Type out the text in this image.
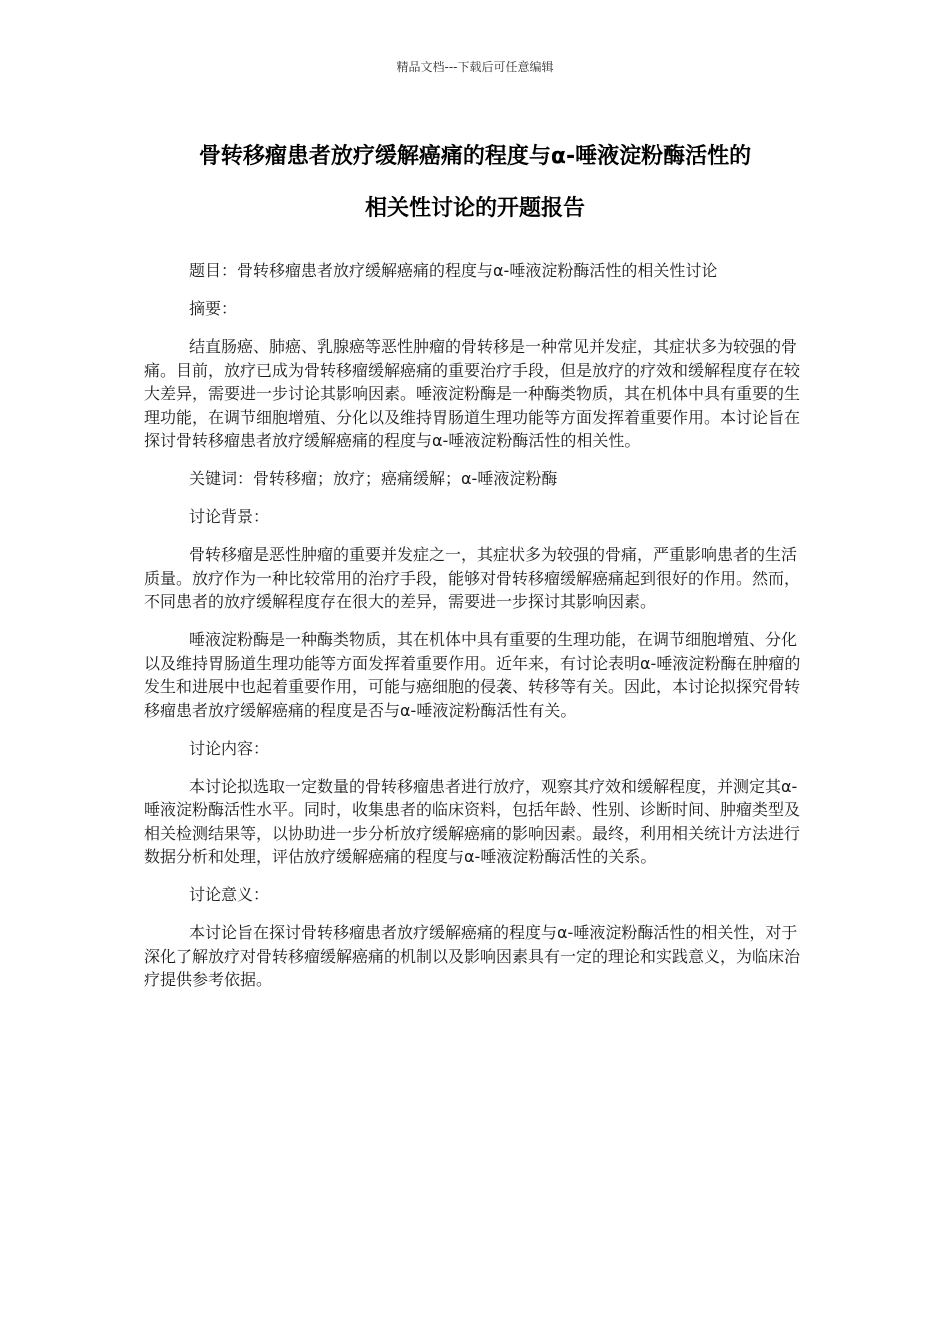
精品文档---下载后可任意编辑
骨转移瘤患者放疗缓解癌痛的程度与α-唾液淀粉酶活性的
相关性讨论的开题报告

题目：骨转移瘤患者放疗缓解癌痛的程度与α-唾液淀粉酶活性的相关性讨论

摘要：

结直肠癌、肺癌、乳腺癌等恶性肿瘤的骨转移是一种常见并发症，其症状多为较强的骨痛。目前，放疗已成为骨转移瘤缓解癌痛的重要治疗手段，但是放疗的疗效和缓解程度存在较大差异，需要进一步讨论其影响因素。唾液淀粉酶是一种酶类物质，其在机体中具有重要的生理功能，在调节细胞增殖、分化以及维持胃肠道生理功能等方面发挥着重要作用。本讨论旨在探讨骨转移瘤患者放疗缓解癌痛的程度与α-唾液淀粉酶活性的相关性。

关键词：骨转移瘤；放疗；癌痛缓解；α-唾液淀粉酶

讨论背景：

骨转移瘤是恶性肿瘤的重要并发症之一，其症状多为较强的骨痛，严重影响患者的生活质量。放疗作为一种比较常用的治疗手段，能够对骨转移瘤缓解癌痛起到很好的作用。然而，不同患者的放疗缓解程度存在很大的差异，需要进一步探讨其影响因素。

唾液淀粉酶是一种酶类物质，其在机体中具有重要的生理功能，在调节细胞增殖、分化以及维持胃肠道生理功能等方面发挥着重要作用。近年来，有讨论表明α-唾液淀粉酶在肿瘤的发生和进展中也起着重要作用，可能与癌细胞的侵袭、转移等有关。因此，本讨论拟探究骨转移瘤患者放疗缓解癌痛的程度是否与α-唾液淀粉酶活性有关。

讨论内容：

本讨论拟选取一定数量的骨转移瘤患者进行放疗，观察其疗效和缓解程度，并测定其α-唾液淀粉酶活性水平。同时，收集患者的临床资料，包括年龄、性别、诊断时间、肿瘤类型及相关检测结果等，以协助进一步分析放疗缓解癌痛的影响因素。最终，利用相关统计方法进行数据分析和处理，评估放疗缓解癌痛的程度与α-唾液淀粉酶活性的关系。

讨论意义：

本讨论旨在探讨骨转移瘤患者放疗缓解癌痛的程度与α-唾液淀粉酶活性的相关性，对于深化了解放疗对骨转移瘤缓解癌痛的机制以及影响因素具有一定的理论和实践意义，为临床治疗提供参考依据。
